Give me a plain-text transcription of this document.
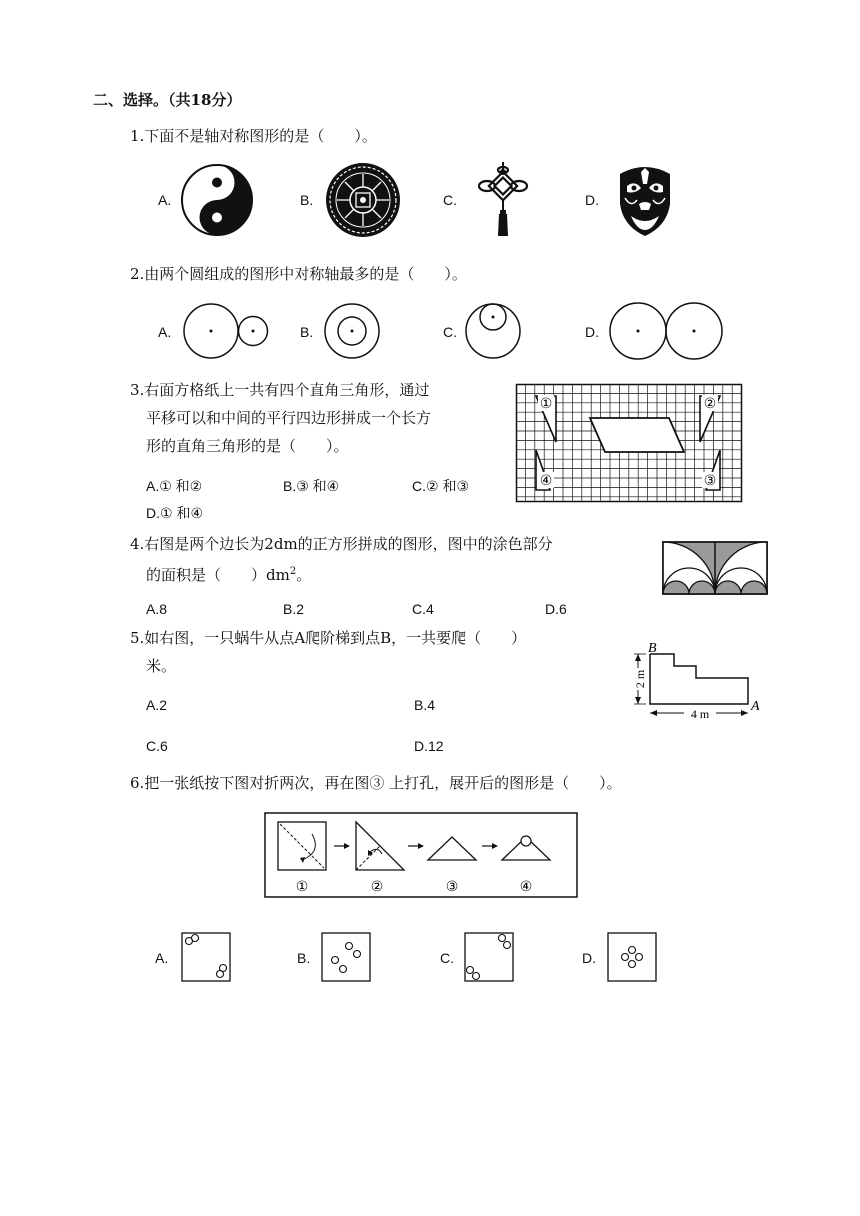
二、选择。（共18分）
1.下面不是轴对称图形的是（　　）。
A.	B.	C.	D.
2.由两个圆组成的图形中对称轴最多的是（　　）。
A.	B.	C.	D.
3.右面方格纸上一共有四个直角三角形，通过
平移可以和中间的平行四边形拼成一个长方
形的直角三角形的是（　　）。
A.① 和②	B.③ 和④	C.② 和③
D.① 和④
①	②
④	③
4.右图是两个边长为2dm的正方形拼成的图形，图中的涂色部分
的面积是（　　）$dm^2$。
A.8	B.2	C.4	D.6
5.如右图，一只蜗牛从点A爬阶梯到点B，一共要爬（　　）
米。
A.2	B.4
C.6	D.12
B
A
2 m
4 m
6.把一张纸按下图对折两次，再在图③ 上打孔，展开后的图形是（　　）。
①	②	③	④
A.	B.	C.	D.
